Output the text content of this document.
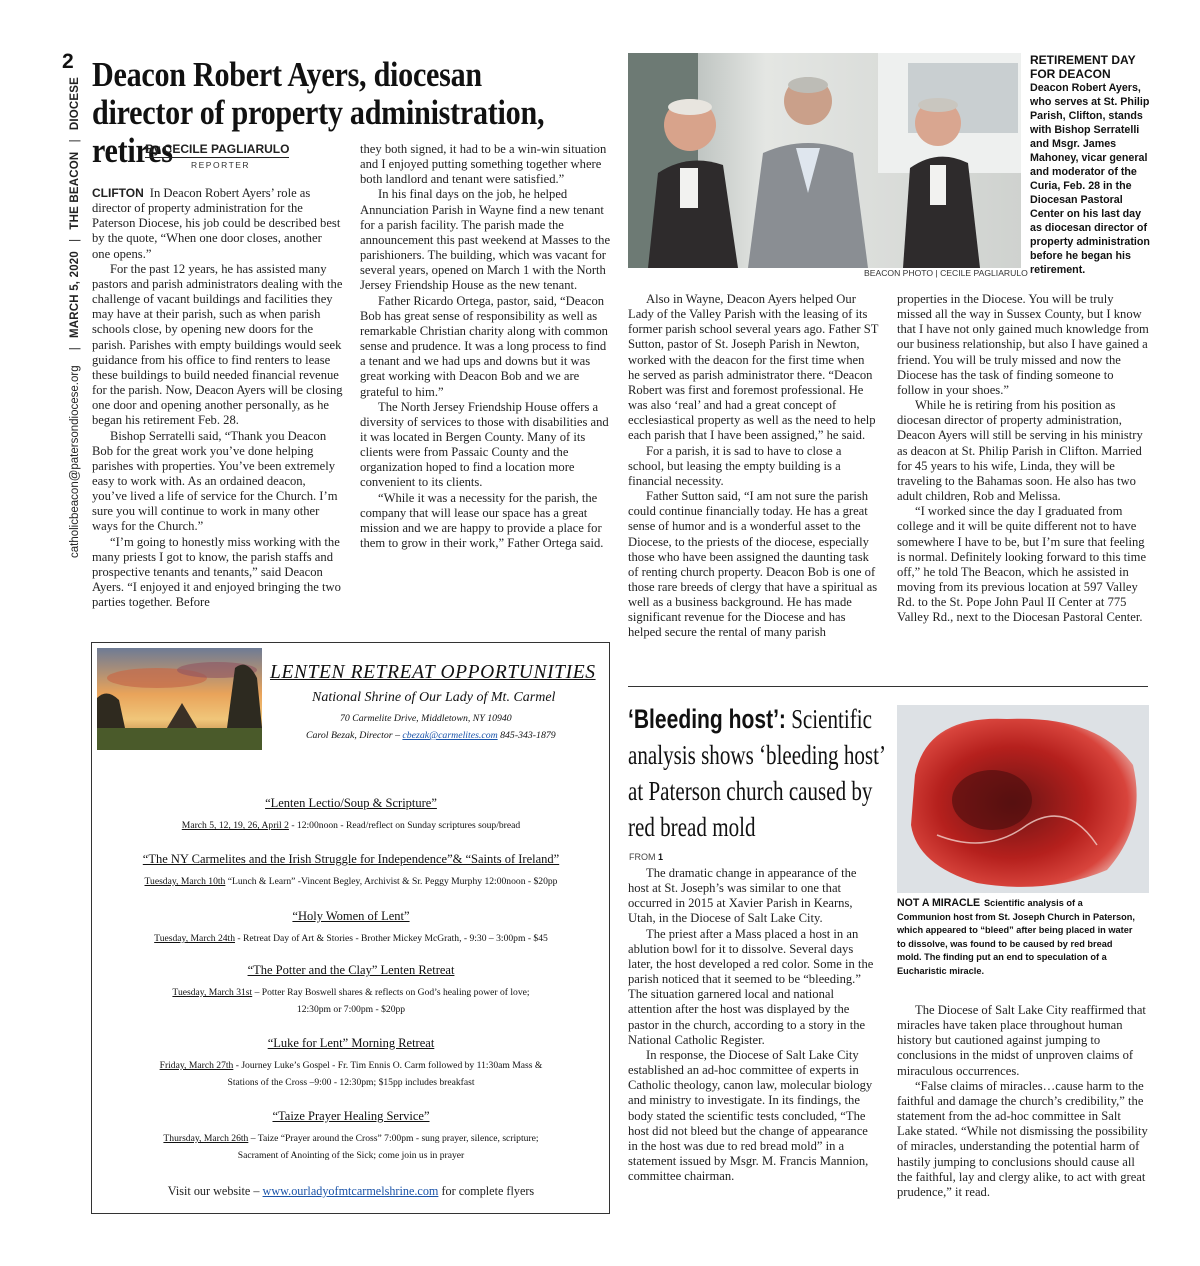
2
catholicbeacon@patersondiocese.org | MARCH 5, 2020 | THE BEACON | DIOCESE
Deacon Robert Ayers, diocesan director of property administration, retires
By CECILE PAGLIARULO
REPORTER

CLIFTON In Deacon Robert Ayers’ role as director of property administration for the Paterson Diocese, his job could be described best by the quote, “When one door closes, another one opens.”

For the past 12 years, he has assisted many pastors and parish administrators dealing with the challenge of vacant buildings and facilities they may have at their parish, such as when parish schools close, by opening new doors for the parish. Parishes with empty buildings would seek guidance from his office to find renters to lease these buildings to build needed financial revenue for the parish. Now, Deacon Ayers will be closing one door and opening another personally, as he began his retirement Feb. 28.

Bishop Serratelli said, “Thank you Deacon Bob for the great work you’ve done helping parishes with properties. You’ve been extremely easy to work with. As an ordained deacon, you’ve lived a life of service for the Church. I’m sure you will continue to work in many other ways for the Church.”

“I’m going to honestly miss working with the many priests I got to know, the parish staffs and prospective tenants and tenants,” said Deacon Ayers. “I enjoyed it and enjoyed bringing the two parties together. Before

they both signed, it had to be a win-win situation and I enjoyed putting something together where both landlord and tenant were satisfied.”

In his final days on the job, he helped Annunciation Parish in Wayne find a new tenant for a parish facility. The parish made the announcement this past weekend at Masses to the parishioners. The building, which was vacant for several years, opened on March 1 with the North Jersey Friendship House as the new tenant.

Father Ricardo Ortega, pastor, said, “Deacon Bob has great sense of responsibility as well as remarkable Christian charity along with common sense and prudence. It was a long process to find a tenant and we had ups and downs but it was great working with Deacon Bob and we are grateful to him.”

The North Jersey Friendship House offers a diversity of services to those with disabilities and it was located in Bergen County. Many of its clients were from Passaic County and the organization hoped to find a location more convenient to its clients.

“While it was a necessity for the parish, the company that will lease our space has a great mission and we are happy to provide a place for them to grow in their work,” Father Ortega said.

BEACON PHOTO | CECILE PAGLIARULO
RETIREMENT DAY FOR DEACON
Deacon Robert Ayers, who serves at St. Philip Parish, Clifton, stands with Bishop Serratelli and Msgr. James Mahoney, vicar general and moderator of the Curia, Feb. 28 in the Diocesan Pastoral Center on his last day as diocesan director of property administration before he began his retirement.

Also in Wayne, Deacon Ayers helped Our Lady of the Valley Parish with the leasing of its former parish school several years ago. Father ST Sutton, pastor of St. Joseph Parish in Newton, worked with the deacon for the first time when he served as parish administrator there. “Deacon Robert was first and foremost professional. He was also ‘real’ and had a great concept of ecclesiastical property as well as the need to help each parish that I have been assigned,” he said.

For a parish, it is sad to have to close a school, but leasing the empty building is a financial necessity.

Father Sutton said, “I am not sure the parish could continue financially today. He has a great sense of humor and is a wonderful asset to the Diocese, to the priests of the diocese, especially those who have been assigned the daunting task of renting church property. Deacon Bob is one of those rare breeds of clergy that have a spiritual as well as a business background. He has made significant revenue for the Diocese and has helped secure the rental of many parish

properties in the Diocese. You will be truly missed all the way in Sussex County, but I know that I have not only gained much knowledge from our business relationship, but also I have gained a friend. You will be truly missed and now the Diocese has the task of finding someone to follow in your shoes.”

While he is retiring from his position as diocesan director of property administration, Deacon Ayers will still be serving in his ministry as deacon at St. Philip Parish in Clifton. Married for 45 years to his wife, Linda, they will be traveling to the Bahamas soon. He also has two adult children, Rob and Melissa.

“I worked since the day I graduated from college and it will be quite different not to have somewhere I have to be, but I’m sure that feeling is normal. Definitely looking forward to this time off,” he told The Beacon, which he assisted in moving from its previous location at 597 Valley Rd. to the St. Pope John Paul II Center at 775 Valley Rd., next to the Diocesan Pastoral Center.

LENTEN RETREAT OPPORTUNITIES
National Shrine of Our Lady of Mt. Carmel
70 Carmelite Drive, Middletown, NY 10940
Carol Bezak, Director – cbezak@carmelites.com 845-343-1879
“Lenten Lectio/Soup & Scripture”
March 5, 12, 19, 26, April 2 - 12:00noon - Read/reflect on Sunday scriptures soup/bread
“The NY Carmelites and the Irish Struggle for Independence”& “Saints of Ireland”
Tuesday, March 10th “Lunch & Learn” -Vincent Begley, Archivist & Sr. Peggy Murphy 12:00noon - $20pp
“Holy Women of Lent”
Tuesday, March 24th - Retreat Day of Art & Stories - Brother Mickey McGrath, - 9:30 – 3:00pm - $45
“The Potter and the Clay” Lenten Retreat
Tuesday, March 31st – Potter Ray Boswell shares & reflects on God’s healing power of love;
12:30pm or 7:00pm - $20pp
“Luke for Lent” Morning Retreat
Friday, March 27th - Journey Luke’s Gospel - Fr. Tim Ennis O. Carm followed by 11:30am Mass &
Stations of the Cross –9:00 - 12:30pm; $15pp includes breakfast
“Taize Prayer Healing Service”
Thursday, March 26th – Taize “Prayer around the Cross” 7:00pm - sung prayer, silence, scripture;
Sacrament of Anointing of the Sick; come join us in prayer
Visit our website – www.ourladyofmtcarmelshrine.com for complete flyers
‘Bleeding host’: Scientific analysis shows ‘bleeding host’ at Paterson church caused by red bread mold
FROM 1

The dramatic change in appearance of the host at St. Joseph’s was similar to one that occurred in 2015 at Xavier Parish in Kearns, Utah, in the Diocese of Salt Lake City.

The priest after a Mass placed a host in an ablution bowl for it to dissolve. Several days later, the host developed a red color. Some in the parish noticed that it seemed to be “bleeding.” The situation garnered local and national attention after the host was displayed by the pastor in the church, according to a story in the National Catholic Register.

In response, the Diocese of Salt Lake City established an ad-hoc committee of experts in Catholic theology, canon law, molecular biology and ministry to investigate. In its findings, the body stated the scientific tests concluded, “The host did not bleed but the change of appearance in the host was due to red bread mold” in a statement issued by Msgr. M. Francis Mannion, committee chairman.

NOT A MIRACLE Scientific analysis of a Communion host from St. Joseph Church in Paterson, which appeared to “bleed” after being placed in water to dissolve, was found to be caused by red bread mold. The finding put an end to speculation of a Eucharistic miracle.

The Diocese of Salt Lake City reaffirmed that miracles have taken place throughout human history but cautioned against jumping to conclusions in the midst of unproven claims of miraculous occurrences.

“False claims of miracles…cause harm to the faithful and damage the church’s credibility,” the statement from the ad-hoc committee in Salt Lake stated. “While not dismissing the possibility of miracles, understanding the potential harm of hastily jumping to conclusions should cause all the faithful, lay and clergy alike, to act with great prudence,” it read.
